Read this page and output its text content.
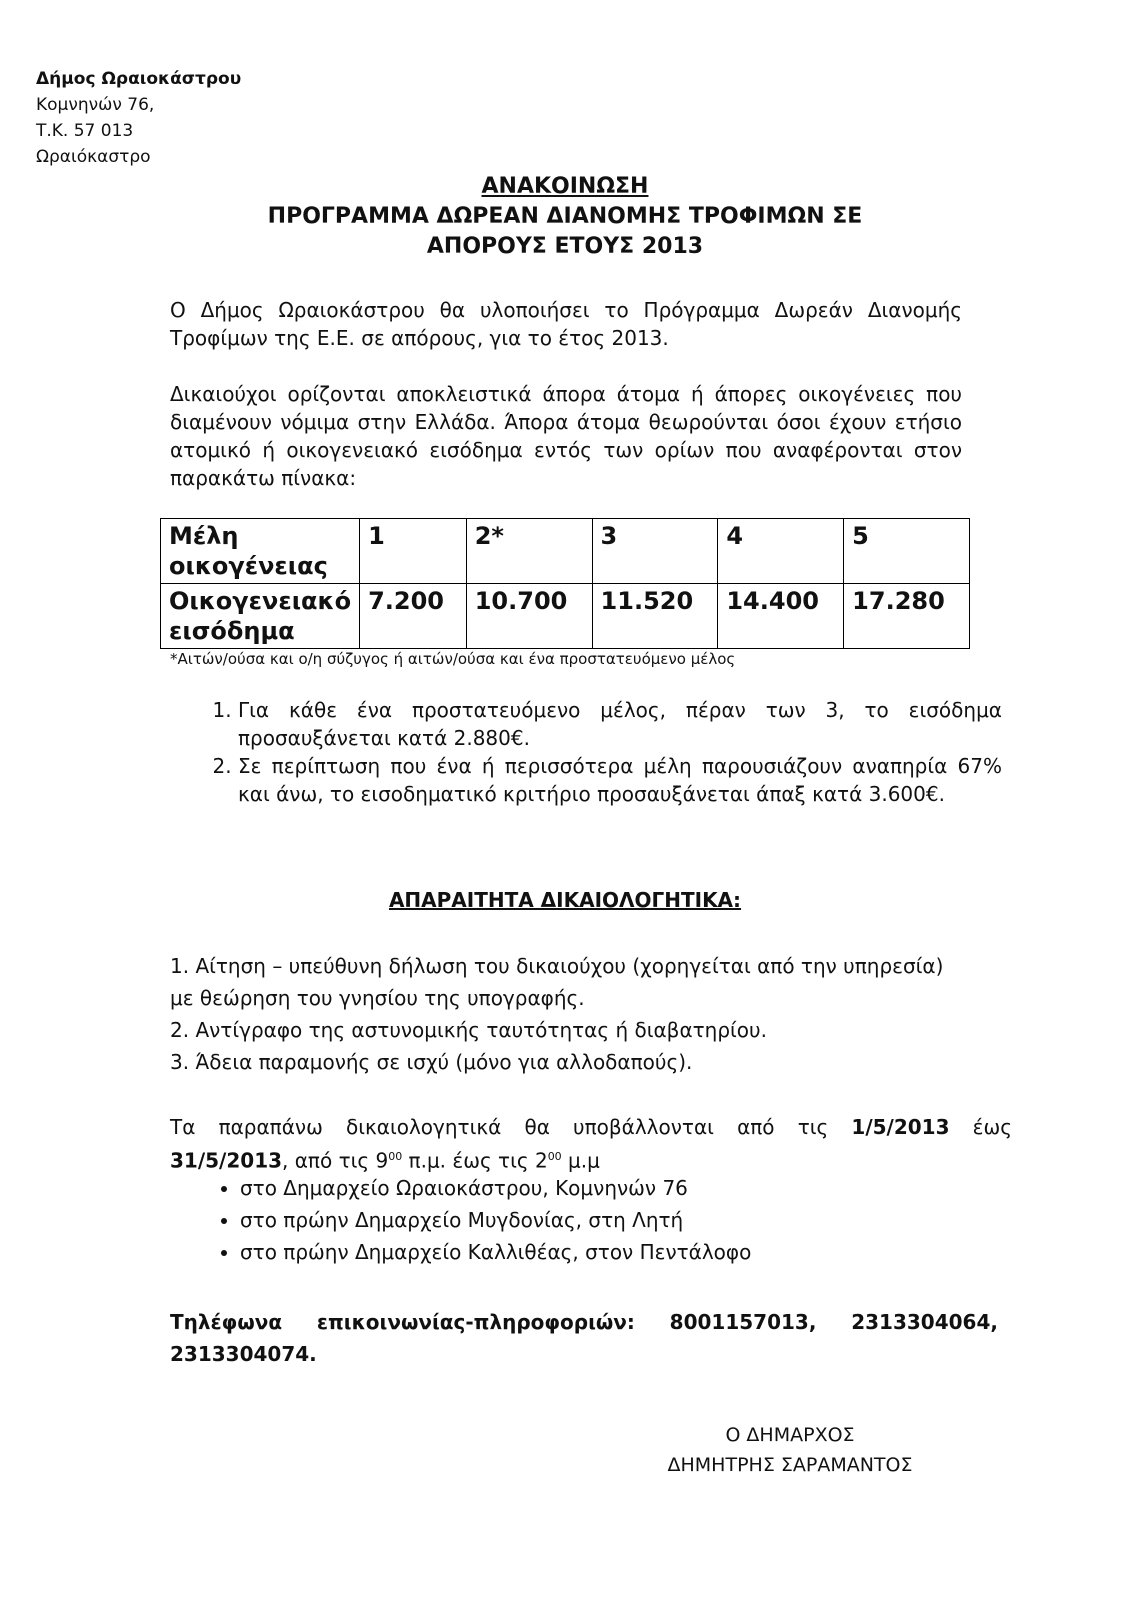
Δήμος Ωραιοκάστρου
Κομνηνών 76,
Τ.Κ. 57 013
Ωραιόκαστρο
ΑΝΑΚΟΙΝΩΣΗ
ΠΡΟΓΡΑΜΜΑ ΔΩΡΕΑΝ ΔΙΑΝΟΜΗΣ ΤΡΟΦΙΜΩΝ ΣΕ
ΑΠΟΡΟΥΣ ΕΤΟΥΣ 2013
Ο Δήμος Ωραιοκάστρου θα υλοποιήσει το Πρόγραμμα Δωρεάν Διανομής Τροφίμων της Ε.Ε. σε απόρους, για το έτος 2013.
Δικαιούχοι ορίζονται αποκλειστικά άπορα άτομα ή άπορες οικογένειες που διαμένουν νόμιμα στην Ελλάδα. Άπορα άτομα θεωρούνται όσοι έχουν ετήσιο ατομικό ή οικογενειακό εισόδημα εντός των ορίων που αναφέρονται στον παρακάτω πίνακα:
Μέλη
οικογένειας	1	2*	3	4	5
Οικογενειακό
εισόδημα	7.200	10.700	11.520	14.400	17.280
*Αιτών/ούσα και ο/η σύζυγος ή αιτών/ούσα και ένα προστατευόμενο μέλος
1. Για κάθε ένα προστατευόμενο μέλος, πέραν των 3, το εισόδημα προσαυξάνεται κατά 2.880€.
2. Σε περίπτωση που ένα ή περισσότερα μέλη παρουσιάζουν αναπηρία 67% και άνω, το εισοδηματικό κριτήριο προσαυξάνεται άπαξ κατά 3.600€.
ΑΠΑΡΑΙΤΗΤΑ ΔΙΚΑΙΟΛΟΓΗΤΙΚΑ:
1. Αίτηση – υπεύθυνη δήλωση του δικαιούχου (χορηγείται από την υπηρεσία)
με θεώρηση του γνησίου της υπογραφής.
2. Αντίγραφο της αστυνομικής ταυτότητας ή διαβατηρίου.
3. Άδεια παραμονής σε ισχύ (μόνο για αλλοδαπούς).
Τα παραπάνω δικαιολογητικά θα υποβάλλονται από τις 1/5/2013 έως
31/5/2013, από τις $9^{00}$ π.μ. έως τις $2^{00}$ μ.μ
• στο Δημαρχείο Ωραιοκάστρου, Κομνηνών 76
• στο πρώην Δημαρχείο Μυγδονίας, στη Λητή
• στο πρώην Δημαρχείο Καλλιθέας, στον Πεντάλοφο
Τηλέφωνα επικοινωνίας-πληροφοριών: 8001157013, 2313304064,
2313304074.
Ο ΔΗΜΑΡΧΟΣ
ΔΗΜΗΤΡΗΣ ΣΑΡΑΜΑΝΤΟΣ
